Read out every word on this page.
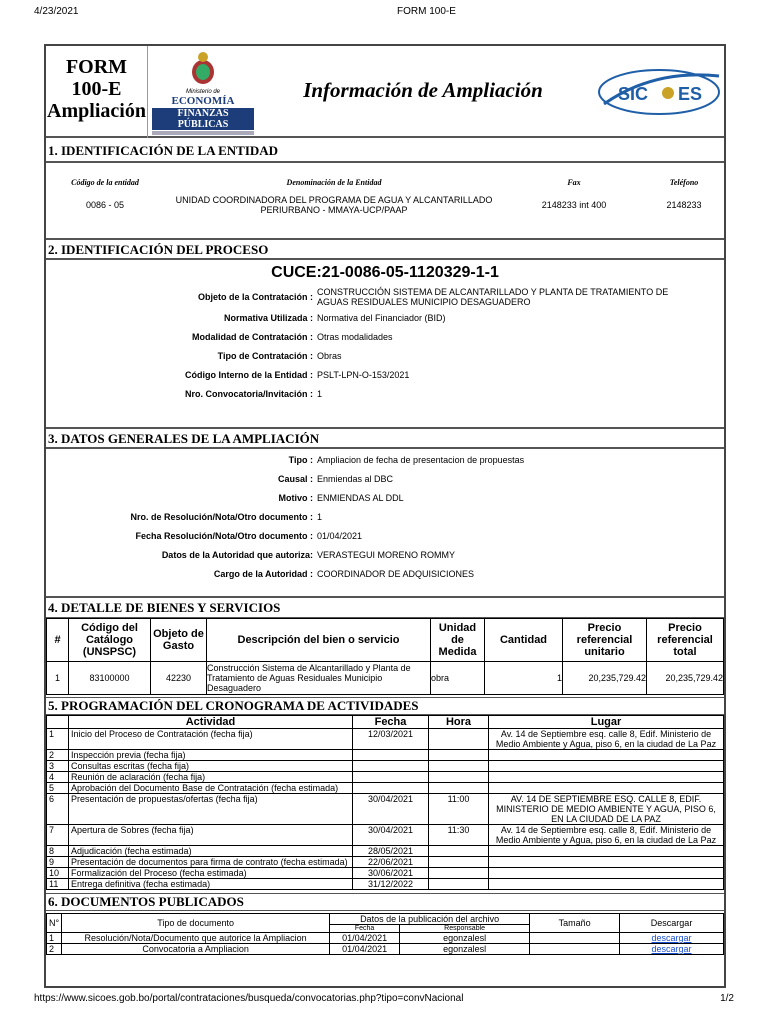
4/23/2021	FORM 100-E
FORM
100-E
Ampliación
Ministerio de
ECONOMÍA
FINANZAS PÚBLICAS
Información de Ampliación	SIC ES
1. IDENTIFICACIÓN DE LA ENTIDAD
Código de la entidad	Denominación de la Entidad	Fax	Teléfono
0086 - 05	UNIDAD COORDINADORA DEL PROGRAMA DE AGUA Y ALCANTARILLADO PERIURBANO - MMAYA-UCP/PAAP	2148233 int 400	2148233
2. IDENTIFICACIÓN DEL PROCESO
CUCE:21-0086-05-1120329-1-1
Objeto de la Contratación : CONSTRUCCIÓN SISTEMA DE ALCANTARILLADO Y PLANTA DE TRATAMIENTO DE AGUAS RESIDUALES MUNICIPIO DESAGUADERO
Normativa Utilizada : Normativa del Financiador (BID)
Modalidad de Contratación : Otras modalidades
Tipo de Contratación : Obras
Código Interno de la Entidad : PSLT-LPN-O-153/2021
Nro. Convocatoria/Invitación : 1
3. DATOS GENERALES DE LA AMPLIACIÓN
Tipo : Ampliacion de fecha de presentacion de propuestas
Causal : Enmiendas al DBC
Motivo : ENMIENDAS AL DDL
Nro. de Resolución/Nota/Otro documento : 1
Fecha Resolución/Nota/Otro documento : 01/04/2021
Datos de la Autoridad que autoriza: VERASTEGUI MORENO ROMMY
Cargo de la Autoridad : COORDINADOR DE ADQUISICIONES
4. DETALLE DE BIENES Y SERVICIOS
#	Código del Catálogo (UNSPSC)	Objeto de Gasto	Descripción del bien o servicio	Unidad de Medida	Cantidad	Precio referencial unitario	Precio referencial total
1	83100000	42230	Construcción Sistema de Alcantarillado y Planta de Tratamiento de Aguas Residuales Municipio Desaguadero	obra	1	20,235,729.42	20,235,729.42
5. PROGRAMACIÓN DEL CRONOGRAMA DE ACTIVIDADES
	Actividad	Fecha	Hora	Lugar
1	Inicio del Proceso de Contratación (fecha fija)	12/03/2021		Av. 14 de Septiembre esq. calle 8, Edif. Ministerio de Medio Ambiente y Agua, piso 6, en la ciudad de La Paz
2	Inspección previa (fecha fija)			
3	Consultas escritas (fecha fija)			
4	Reunión de aclaración (fecha fija)			
5	Aprobación del Documento Base de Contratación (fecha estimada)			
6	Presentación de propuestas/ofertas (fecha fija)	30/04/2021	11:00	AV. 14 DE SEPTIEMBRE ESQ. CALLE 8, EDIF. MINISTERIO DE MEDIO AMBIENTE Y AGUA, PISO 6, EN LA CIUDAD DE LA PAZ
7	Apertura de Sobres (fecha fija)	30/04/2021	11:30	Av. 14 de Septiembre esq. calle 8, Edif. Ministerio de Medio Ambiente y Agua, piso 6, en la ciudad de La Paz
8	Adjudicación (fecha estimada)	28/05/2021		
9	Presentación de documentos para firma de contrato (fecha estimada)	22/06/2021		
10	Formalización del Proceso (fecha estimada)	30/06/2021		
11	Entrega definitiva (fecha estimada)	31/12/2022		
6. DOCUMENTOS PUBLICADOS
N°	Tipo de documento	Datos de la publicación del archivo		Tamaño	Descargar
		Fecha	Responsable		
1	Resolución/Nota/Documento que autorice la Ampliacion	01/04/2021	egonzalesl		descargar
2	Convocatoria a Ampliacion	01/04/2021	egonzalesl		descargar
https://www.sicoes.gob.bo/portal/contrataciones/busqueda/convocatorias.php?tipo=convNacional	1/2
